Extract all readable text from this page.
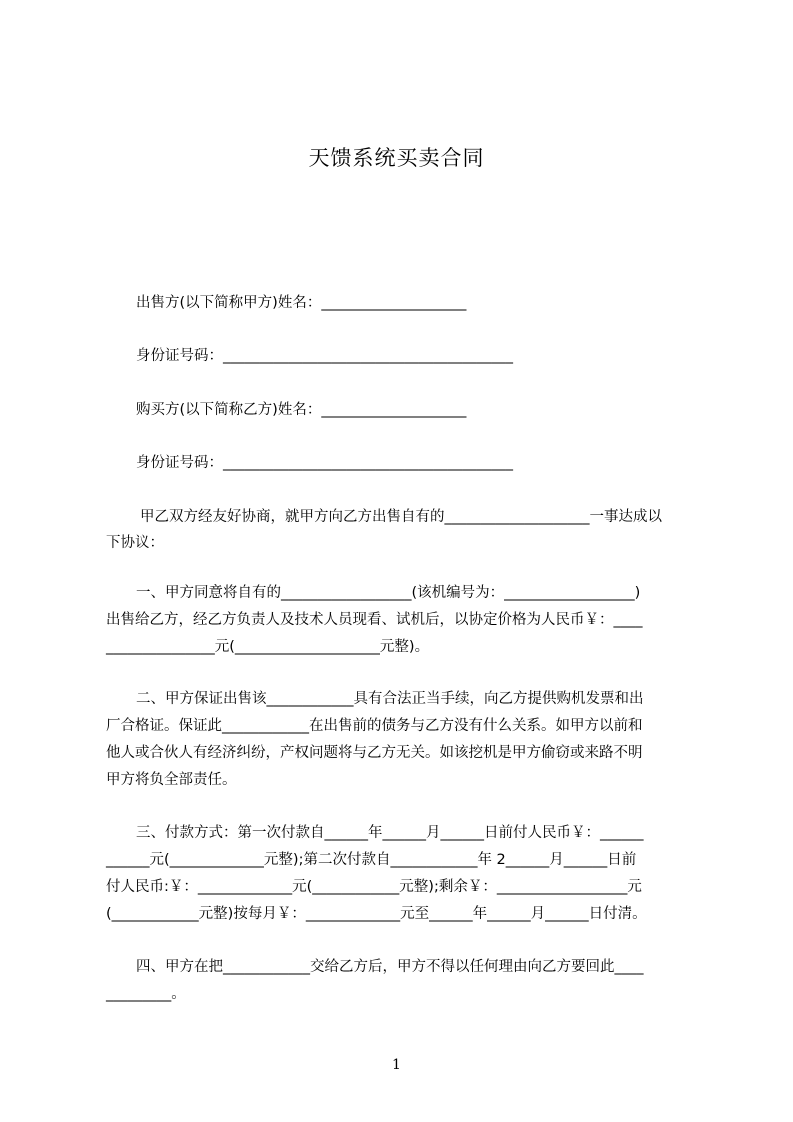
天馈系统买卖合同
出售方(以下简称甲方)姓名：____________________
身份证号码：________________________________________
购买方(以下简称乙方)姓名：____________________
身份证号码：________________________________________
甲乙双方经友好协商，就甲方向乙方出售自有的____________________一事达成以
下协议：
一、甲方同意将自有的__________________(该机编号为：__________________)
出售给乙方，经乙方负责人及技术人员现看、试机后，以协定价格为人民币￥：____
_______________元(____________________元整)。
二、甲方保证出售该____________具有合法正当手续，向乙方提供购机发票和出
厂合格证。保证此____________在出售前的债务与乙方没有什么关系。如甲方以前和
他人或合伙人有经济纠纷，产权问题将与乙方无关。如该挖机是甲方偷窃或来路不明
甲方将负全部责任。
三、付款方式：第一次付款自______年______月______日前付人民币￥：______
______元(_____________元整);第二次付款自____________年 2______月______日前
付人民币:￥：_____________元(____________元整);剩余￥：__________________元
(____________元整)按每月￥：_____________元至______年______月______日付清。
四、甲方在把____________交给乙方后，甲方不得以任何理由向乙方要回此____
_________。
1
